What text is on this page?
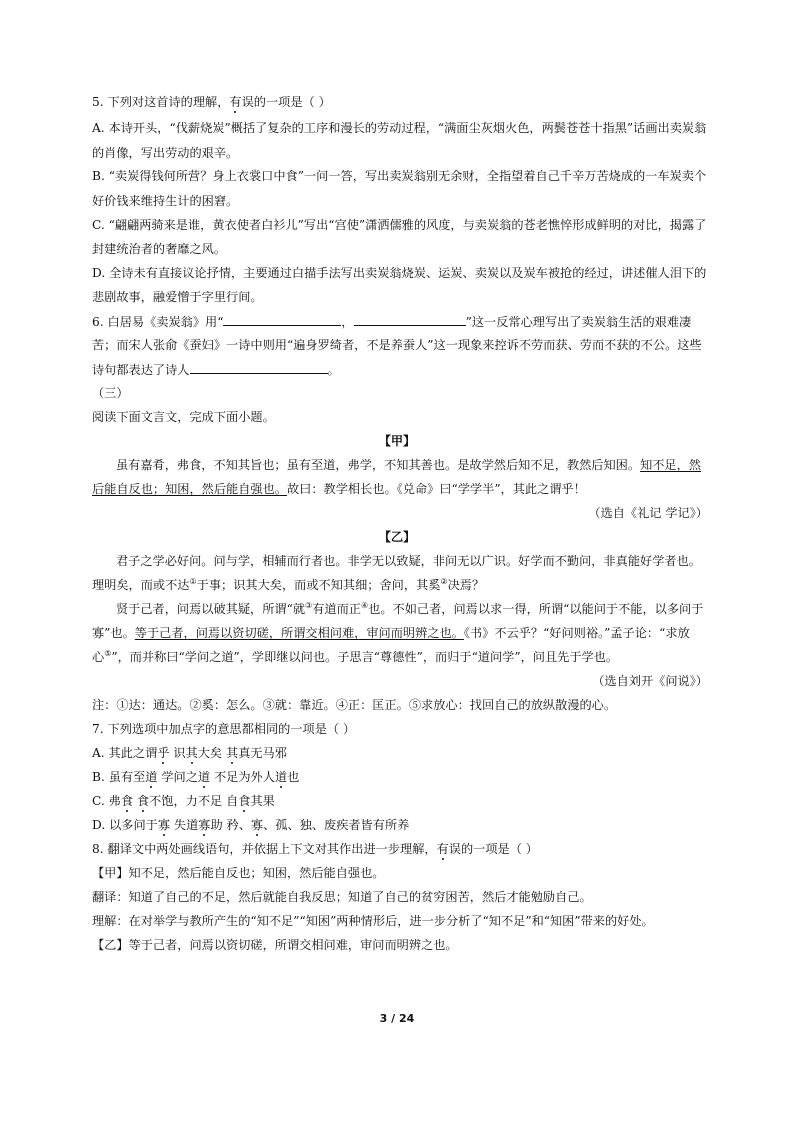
5. 下列对这首诗的理解，有误的一项是（ ）
A. 本诗开头，“伐薪烧炭”概括了复杂的工序和漫长的劳动过程，“满面尘灰烟火色，两鬓苍苍十指黑”话画出卖炭翁
的肖像，写出劳动的艰辛。
B. “卖炭得钱何所营？身上衣裳口中食”一问一答，写出卖炭翁别无余财，全指望着自己千辛万苦烧成的一车炭卖个
好价钱来维持生计的困窘。
C. “翩翩两骑来是谁，黄衣使者白衫儿”写出“宫使”潇洒儒雅的风度，与卖炭翁的苍老憔悴形成鲜明的对比，揭露了
封建统治者的奢靡之风。
D. 全诗未有直接议论抒情，主要通过白描手法写出卖炭翁烧炭、运炭、卖炭以及炭车被抢的经过，讲述催人泪下的
悲剧故事，融爱憎于字里行间。
6. 白居易《卖炭翁》用“	，	”这一反常心理写出了卖炭翁生活的艰难凄
苦；而宋人张俞《蚕妇》一诗中则用“遍身罗绮者，不是养蚕人”这一现象来控诉不劳而获、劳而不获的不公。这些
诗句都表达了诗人	。
（三）
阅读下面文言文，完成下面小题。
【甲】
虽有嘉肴，弗食，不知其旨也；虽有至道，弗学，不知其善也。是故学然后知不足，教然后知困。知不足，然
后能自反也；知困，然后能自强也。故曰：教学相长也。《兑命》曰“学学半”，其此之谓乎！
（选自《礼记 学记》）
【乙】
君子之学必好问。问与学，相辅而行者也。非学无以致疑，非问无以广识。好学而不勤问，非真能好学者也。
理明矣，而或不达①于事；识其大矣，而或不知其细；舍问，其奚②决焉？
贤于己者，问焉以破其疑，所谓“就③有道而正④也。不如己者，问焉以求一得，所谓“以能问于不能，以多问于
寡”也。等于己者，问焉以资切磋，所谓交相问难，审问而明辨之也。《书》不云乎？“好问则裕。”孟子论：“求放
心⑤”，而并称曰“学问之道”，学即继以问也。子思言“尊德性”，而归于“道问学”，问且先于学也。
（选自刘开《问说》）
注：①达：通达。②奚：怎么。③就：靠近。④正：匡正。⑤求放心：找回自己的放纵散漫的心。
7. 下列选项中加点字的意思都相同的一项是（ ）
A. 其此之谓乎 识其大矣 其真无马邪
B. 虽有至道 学问之道 不足为外人道也
C. 弗食 食不饱，力不足 自食其果
D. 以多问于寡 失道寡助 矜、寡、孤、独、废疾者皆有所养
8. 翻译文中两处画线语句，并依据上下文对其作出进一步理解，有误的一项是（ ）
【甲】知不足，然后能自反也；知困，然后能自强也。
翻译：知道了自己的不足，然后就能自我反思；知道了自己的贫穷困苦，然后才能勉励自己。
理解：在对举学与教所产生的“知不足”“知困”两种情形后，进一步分析了“知不足”和“知困”带来的好处。
【乙】等于己者，问焉以资切磋，所谓交相问难，审问而明辨之也。
3 / 24
